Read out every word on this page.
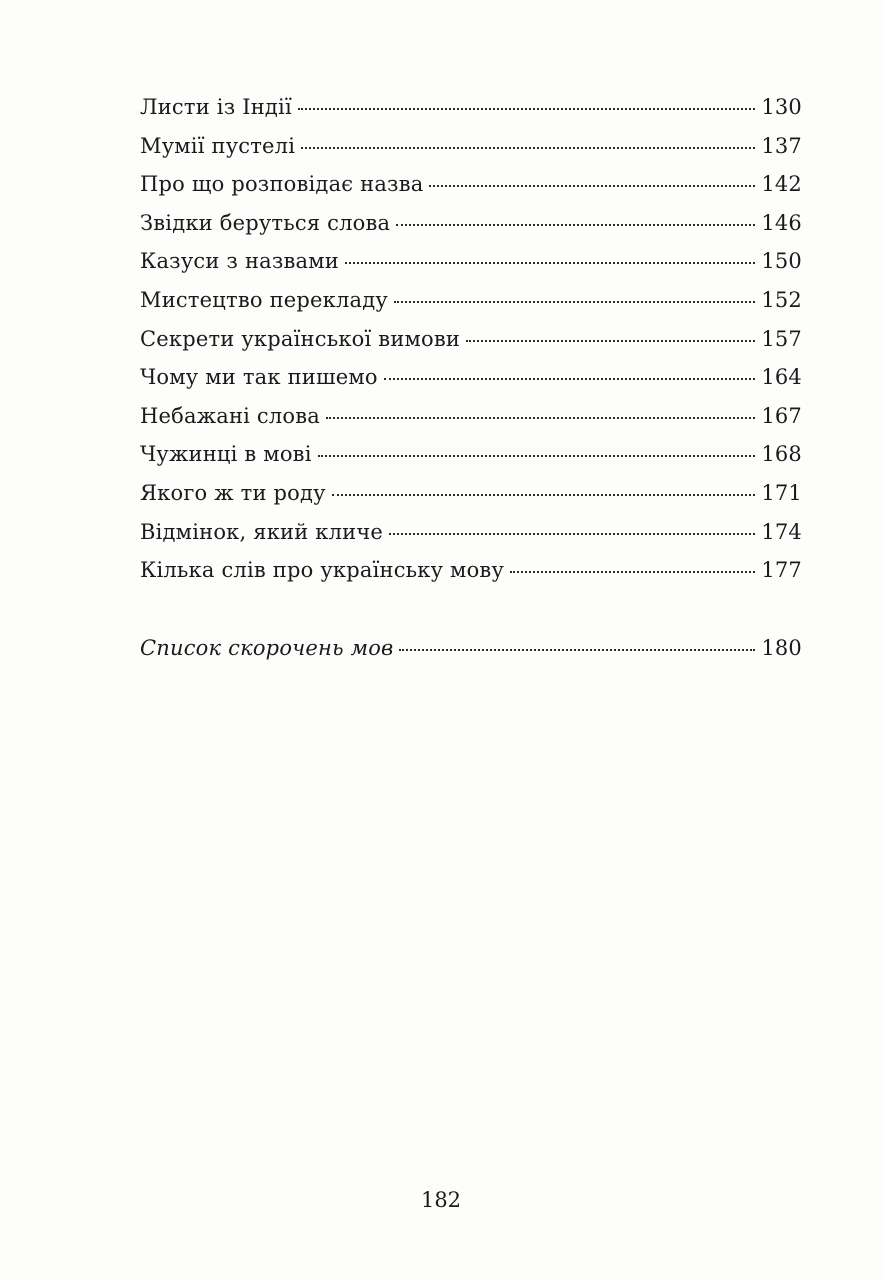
Листи із Індії	130
Мумії пустелі	137
Про що розповідає назва	142
Звідки беруться слова	146
Казуси з назвами	150
Мистецтво перекладу	152
Секрети української вимови	157
Чому ми так пишемо	164
Небажані слова	167
Чужинці в мові	168
Якого ж ти роду	171
Відмінок, який кличе	174
Кілька слів про українську мову	177
Список скорочень мов	180
182
